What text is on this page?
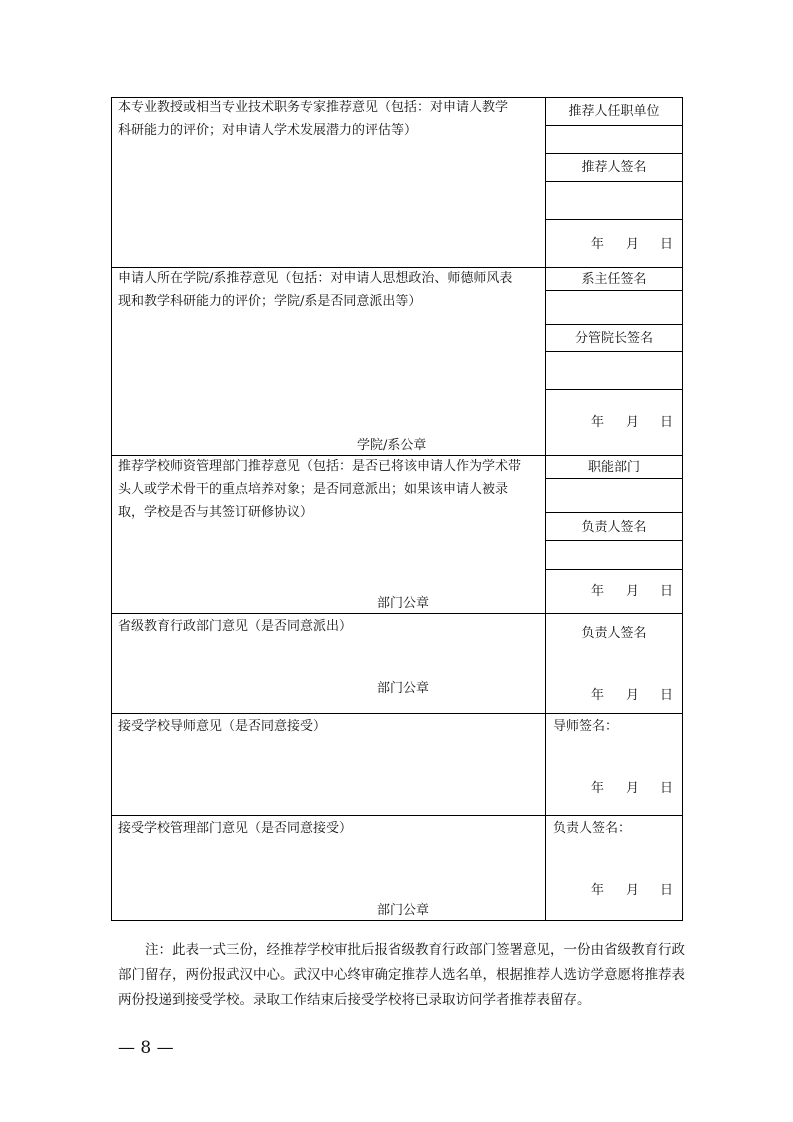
本专业教授或相当专业技术职务专家推荐意见（包括：对申请人教学
科研能力的评价；对申请人学术发展潜力的评估等）
推荐人任职单位
推荐人签名
年 月 日
申请人所在学院/系推荐意见（包括：对申请人思想政治、师德师风表
现和教学科研能力的评价；学院/系是否同意派出等）
学院/系公章
系主任签名
分管院长签名
年 月 日
推荐学校师资管理部门推荐意见（包括：是否已将该申请人作为学术带
头人或学术骨干的重点培养对象；是否同意派出；如果该申请人被录
取，学校是否与其签订研修协议）
部门公章
职能部门
负责人签名
年 月 日
省级教育行政部门意见（是否同意派出）
部门公章
负责人签名
年 月 日
接受学校导师意见（是否同意接受）	导师签名：
年 月 日
接受学校管理部门意见（是否同意接受）
部门公章
负责人签名：
年 月 日
注：此表一式三份，经推荐学校审批后报省级教育行政部门签署意见，一份由省级教育行政部门留存，两份报武汉中心。武汉中心终审确定推荐人选名单，根据推荐人选访学意愿将推荐表两份投递到接受学校。录取工作结束后接受学校将已录取访问学者推荐表留存。
— 8 —
